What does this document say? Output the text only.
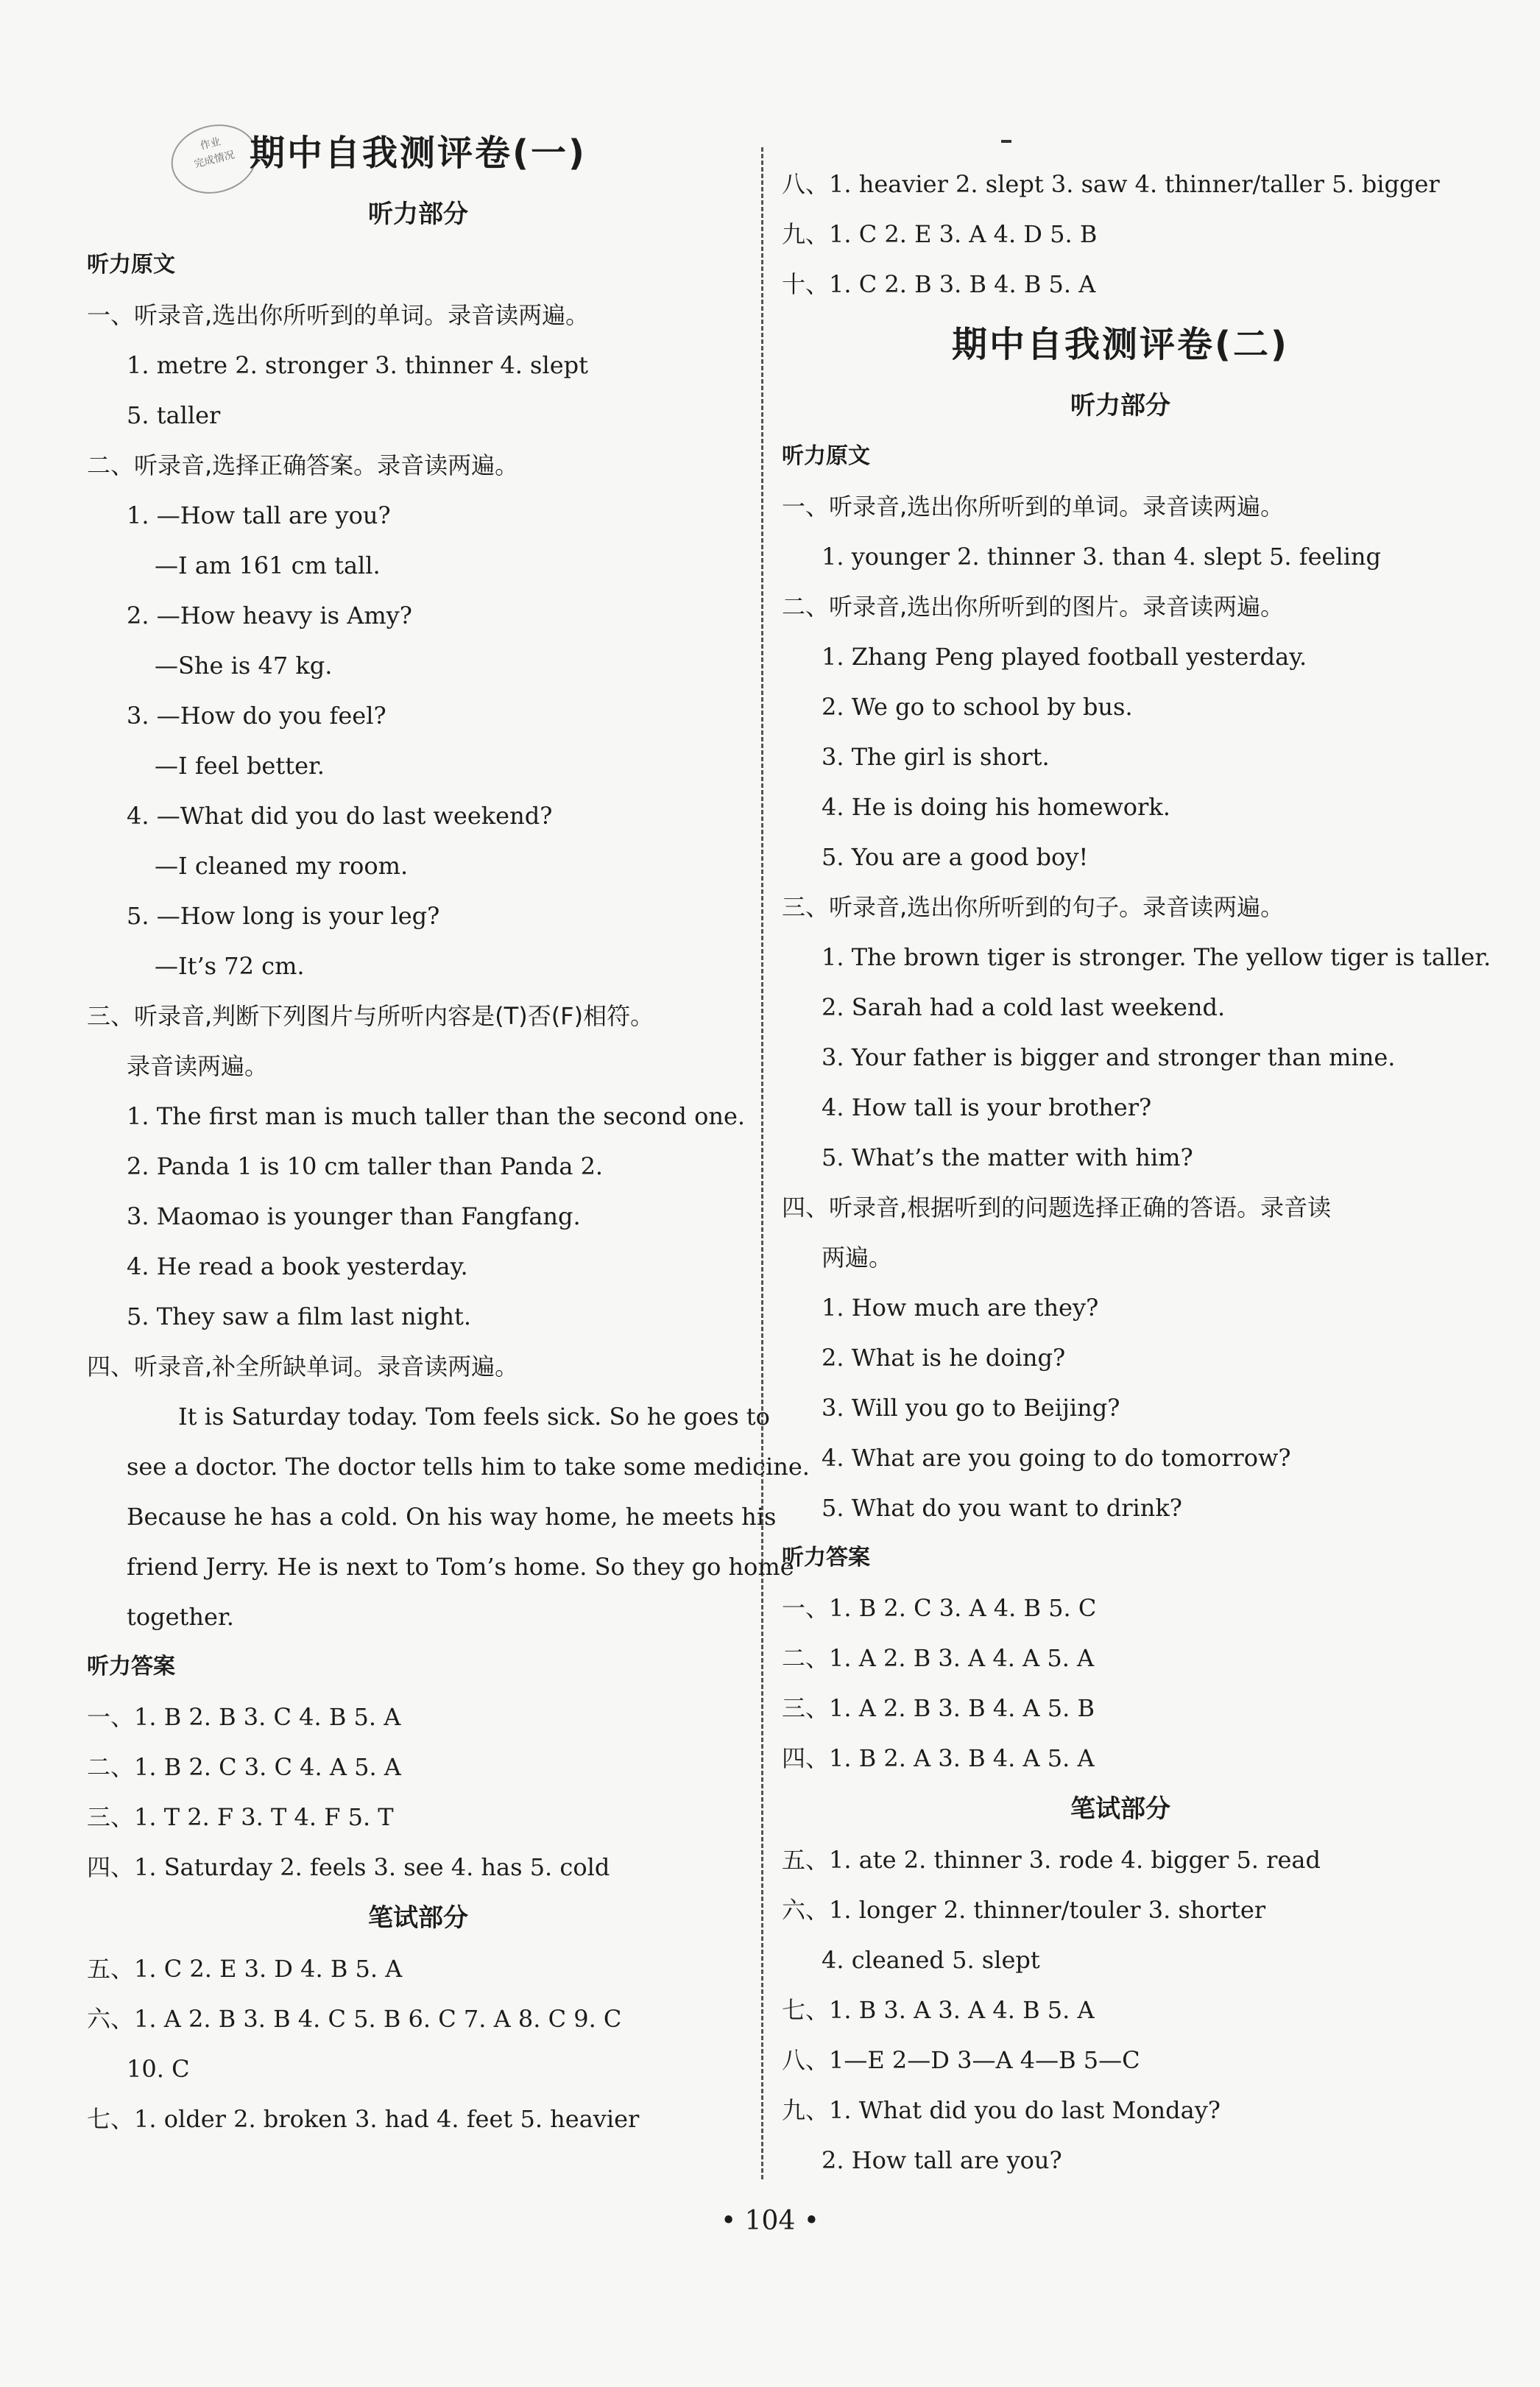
作业
完成情况 期中自我测评卷(一)
听力部分
听力原文
一、听录音,选出你所听到的单词。录音读两遍。
1. metre 2. stronger 3. thinner 4. slept
5. taller
二、听录音,选择正确答案。录音读两遍。
1. —How tall are you?
—I am 161 cm tall.
2. —How heavy is Amy?
—She is 47 kg.
3. —How do you feel?
—I feel better.
4. —What did you do last weekend?
—I cleaned my room.
5. —How long is your leg?
—It’s 72 cm.
三、听录音,判断下列图片与所听内容是(T)否(F)相符。
录音读两遍。
1. The first man is much taller than the second one.
2. Panda 1 is 10 cm taller than Panda 2.
3. Maomao is younger than Fangfang.
4. He read a book yesterday.
5. They saw a film last night.
四、听录音,补全所缺单词。录音读两遍。
It is Saturday today. Tom feels sick. So he goes to
see a doctor. The doctor tells him to take some medicine.
Because he has a cold. On his way home, he meets his
friend Jerry. He is next to Tom’s home. So they go home
together.
听力答案
一、1. B 2. B 3. C 4. B 5. A
二、1. B 2. C 3. C 4. A 5. A
三、1. T 2. F 3. T 4. F 5. T
四、1. Saturday 2. feels 3. see 4. has 5. cold
笔试部分
五、1. C 2. E 3. D 4. B 5. A
六、1. A 2. B 3. B 4. C 5. B 6. C 7. A 8. C 9. C
10. C
七、1. older 2. broken 3. had 4. feet 5. heavier
八、1. heavier 2. slept 3. saw 4. thinner/taller 5. bigger
九、1. C 2. E 3. A 4. D 5. B
十、1. C 2. B 3. B 4. B 5. A
期中自我测评卷(二)
听力部分
听力原文
一、听录音,选出你所听到的单词。录音读两遍。
1. younger 2. thinner 3. than 4. slept 5. feeling
二、听录音,选出你所听到的图片。录音读两遍。
1. Zhang Peng played football yesterday.
2. We go to school by bus.
3. The girl is short.
4. He is doing his homework.
5. You are a good boy!
三、听录音,选出你所听到的句子。录音读两遍。
1. The brown tiger is stronger. The yellow tiger is taller.
2. Sarah had a cold last weekend.
3. Your father is bigger and stronger than mine.
4. How tall is your brother?
5. What’s the matter with him?
四、听录音,根据听到的问题选择正确的答语。录音读
两遍。
1. How much are they?
2. What is he doing?
3. Will you go to Beijing?
4. What are you going to do tomorrow?
5. What do you want to drink?
听力答案
一、1. B 2. C 3. A 4. B 5. C
二、1. A 2. B 3. A 4. A 5. A
三、1. A 2. B 3. B 4. A 5. B
四、1. B 2. A 3. B 4. A 5. A
笔试部分
五、1. ate 2. thinner 3. rode 4. bigger 5. read
六、1. longer 2. thinner/touler 3. shorter
4. cleaned 5. slept
七、1. B 3. A 3. A 4. B 5. A
八、1—E 2—D 3—A 4—B 5—C
九、1. What did you do last Monday?
2. How tall are you?
• 104 •
